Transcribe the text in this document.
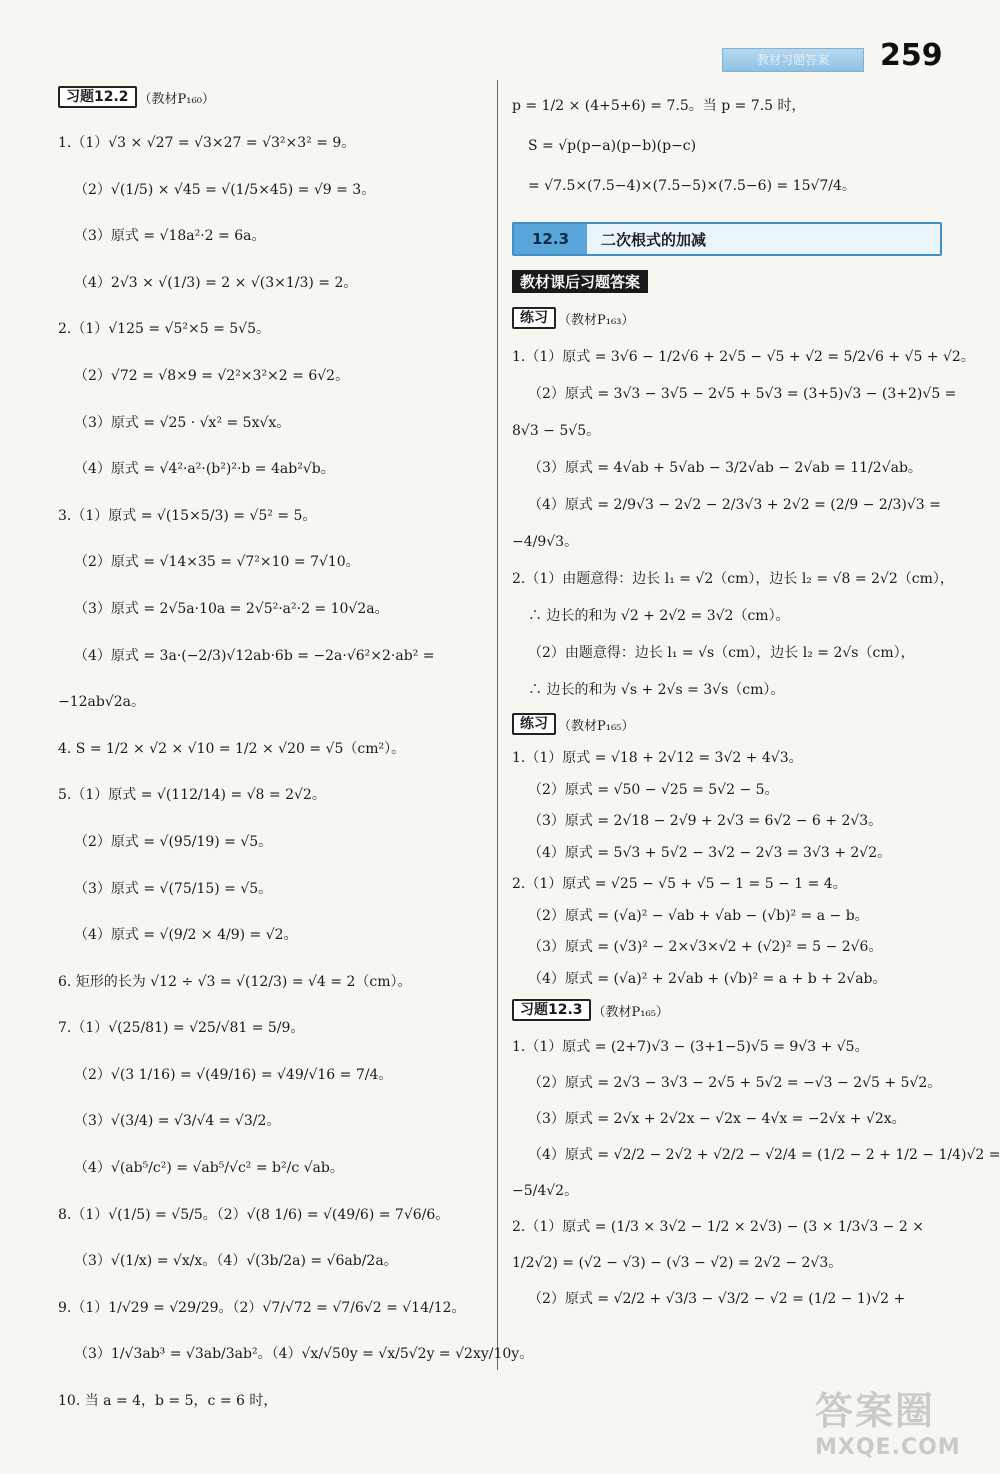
教材习题答案	259
习题12.2 （教材P₁₆₀）
1.（1）√3 × √27 = √3×27 = √3²×3² = 9。
（2）√(1/5) × √45 = √(1/5×45) = √9 = 3。
（3）原式 = √18a²·2 = 6a。
（4）2√3 × √(1/3) = 2 × √(3×1/3) = 2。
2.（1）√125 = √5²×5 = 5√5。
（2）√72 = √8×9 = √2²×3²×2 = 6√2。
（3）原式 = √25 · √x² = 5x√x。
（4）原式 = √4²·a²·(b²)²·b = 4ab²√b。
3.（1）原式 = √(15×5/3) = √5² = 5。
（2）原式 = √14×35 = √7²×10 = 7√10。
（3）原式 = 2√5a·10a = 2√5²·a²·2 = 10√2a。
（4）原式 = 3a·(−2/3)√12ab·6b = −2a·√6²×2·ab² =
−12ab√2a。
4. S = 1/2 × √2 × √10 = 1/2 × √20 = √5（cm²）。
5.（1）原式 = √(112/14) = √8 = 2√2。
（2）原式 = √(95/19) = √5。
（3）原式 = √(75/15) = √5。
（4）原式 = √(9/2 × 4/9) = √2。
6. 矩形的长为 √12 ÷ √3 = √(12/3) = √4 = 2（cm）。
7.（1）√(25/81) = √25/√81 = 5/9。
（2）√(3 1/16) = √(49/16) = √49/√16 = 7/4。
（3）√(3/4) = √3/√4 = √3/2。
（4）√(ab⁵/c²) = √ab⁵/√c² = b²/c √ab。
8.（1）√(1/5) = √5/5。（2）√(8 1/6) = √(49/6) = 7√6/6。
（3）√(1/x) = √x/x。（4）√(3b/2a) = √6ab/2a。
9.（1）1/√29 = √29/29。（2）√7/√72 = √7/6√2 = √14/12。
（3）1/√3ab³ = √3ab/3ab²。（4）√x/√50y = √x/5√2y = √2xy/10y。
10. 当 a = 4，b = 5，c = 6 时，
p = 1/2 × (4+5+6) = 7.5。当 p = 7.5 时，
S = √p(p−a)(p−b)(p−c)
= √7.5×(7.5−4)×(7.5−5)×(7.5−6) = 15√7/4。
12.3	二次根式的加减
教材课后习题答案
练习 （教材P₁₆₃）
1.（1）原式 = 3√6 − 1/2√6 + 2√5 − √5 + √2 = 5/2√6 + √5 + √2。
（2）原式 = 3√3 − 3√5 − 2√5 + 5√3 = (3+5)√3 − (3+2)√5 =
8√3 − 5√5。
（3）原式 = 4√ab + 5√ab − 3/2√ab − 2√ab = 11/2√ab。
（4）原式 = 2/9√3 − 2√2 − 2/3√3 + 2√2 = (2/9 − 2/3)√3 =
−4/9√3。
2.（1）由题意得：边长 l₁ = √2（cm），边长 l₂ = √8 = 2√2（cm），
∴ 边长的和为 √2 + 2√2 = 3√2（cm）。
（2）由题意得：边长 l₁ = √s（cm），边长 l₂ = 2√s（cm），
∴ 边长的和为 √s + 2√s = 3√s（cm）。
练习 （教材P₁₆₅）
1.（1）原式 = √18 + 2√12 = 3√2 + 4√3。
（2）原式 = √50 − √25 = 5√2 − 5。
（3）原式 = 2√18 − 2√9 + 2√3 = 6√2 − 6 + 2√3。
（4）原式 = 5√3 + 5√2 − 3√2 − 2√3 = 3√3 + 2√2。
2.（1）原式 = √25 − √5 + √5 − 1 = 5 − 1 = 4。
（2）原式 = (√a)² − √ab + √ab − (√b)² = a − b。
（3）原式 = (√3)² − 2×√3×√2 + (√2)² = 5 − 2√6。
（4）原式 = (√a)² + 2√ab + (√b)² = a + b + 2√ab。
习题12.3 （教材P₁₆₅）
1.（1）原式 = (2+7)√3 − (3+1−5)√5 = 9√3 + √5。
（2）原式 = 2√3 − 3√3 − 2√5 + 5√2 = −√3 − 2√5 + 5√2。
（3）原式 = 2√x + 2√2x − √2x − 4√x = −2√x + √2x。
（4）原式 = √2/2 − 2√2 + √2/2 − √2/4 = (1/2 − 2 + 1/2 − 1/4)√2 =
−5/4√2。
2.（1）原式 = (1/3 × 3√2 − 1/2 × 2√3) − (3 × 1/3√3 − 2 ×
1/2√2) = (√2 − √3) − (√3 − √2) = 2√2 − 2√3。
（2）原式 = √2/2 + √3/3 − √3/2 − √2 = (1/2 − 1)√2 +
答案圈
MXQE.COM
